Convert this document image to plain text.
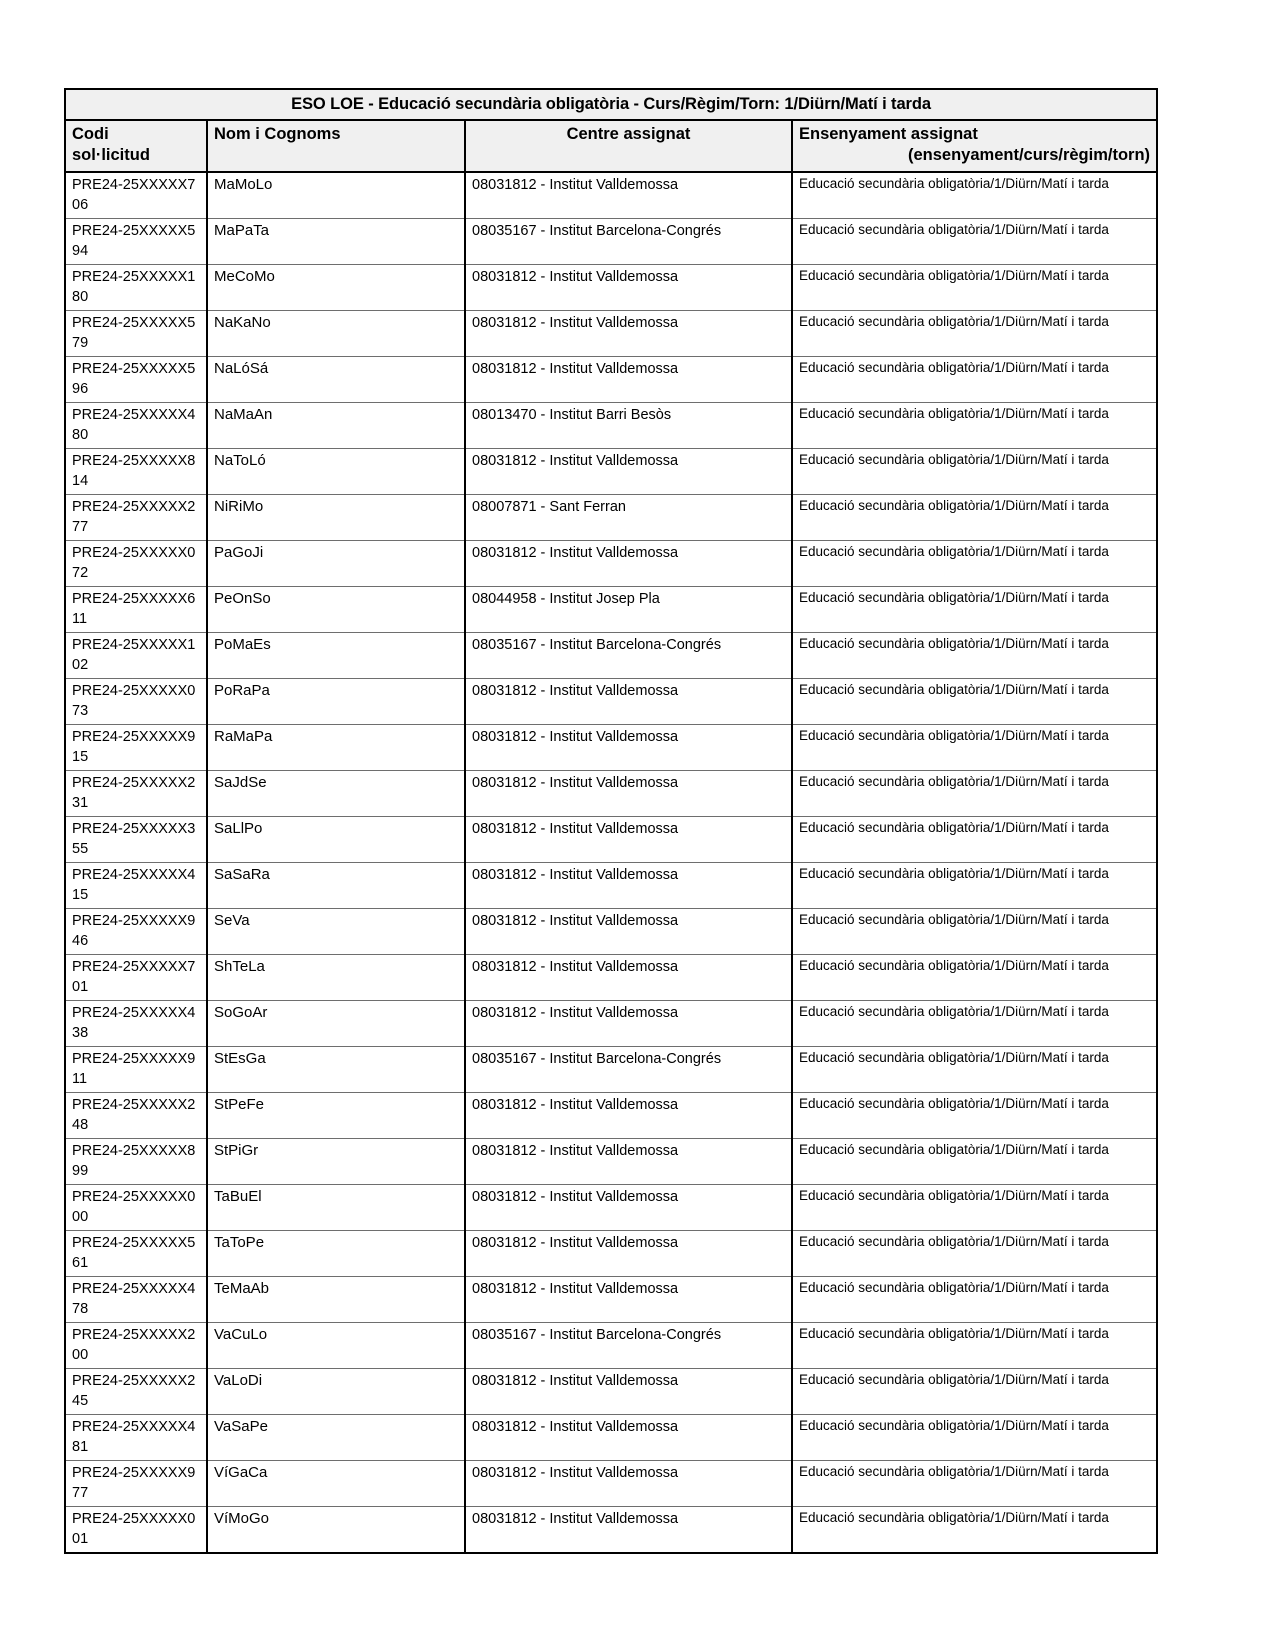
ESO LOE - Educació secundària obligatòria - Curs/Règim/Torn: 1/Diürn/Matí i tarda			
Codi
sol·licitud	Nom i Cognoms	Centre assignat	Ensenyament assignat
(ensenyament/curs/règim/torn)

PRE24-25XXXXX706	MaMoLo	08031812 - Institut Valldemossa	Educació secundària obligatòria/1/Diürn/Matí i tarda
PRE24-25XXXXX594	MaPaTa	08035167 - Institut Barcelona-Congrés	Educació secundària obligatòria/1/Diürn/Matí i tarda
PRE24-25XXXXX180	MeCoMo	08031812 - Institut Valldemossa	Educació secundària obligatòria/1/Diürn/Matí i tarda
PRE24-25XXXXX579	NaKaNo	08031812 - Institut Valldemossa	Educació secundària obligatòria/1/Diürn/Matí i tarda
PRE24-25XXXXX596	NaLóSá	08031812 - Institut Valldemossa	Educació secundària obligatòria/1/Diürn/Matí i tarda
PRE24-25XXXXX480	NaMaAn	08013470 - Institut Barri Besòs	Educació secundària obligatòria/1/Diürn/Matí i tarda
PRE24-25XXXXX814	NaToLó	08031812 - Institut Valldemossa	Educació secundària obligatòria/1/Diürn/Matí i tarda
PRE24-25XXXXX277	NiRiMo	08007871 - Sant Ferran	Educació secundària obligatòria/1/Diürn/Matí i tarda
PRE24-25XXXXX072	PaGoJi	08031812 - Institut Valldemossa	Educació secundària obligatòria/1/Diürn/Matí i tarda
PRE24-25XXXXX611	PeOnSo	08044958 - Institut Josep Pla	Educació secundària obligatòria/1/Diürn/Matí i tarda
PRE24-25XXXXX102	PoMaEs	08035167 - Institut Barcelona-Congrés	Educació secundària obligatòria/1/Diürn/Matí i tarda
PRE24-25XXXXX073	PoRaPa	08031812 - Institut Valldemossa	Educació secundària obligatòria/1/Diürn/Matí i tarda
PRE24-25XXXXX915	RaMaPa	08031812 - Institut Valldemossa	Educació secundària obligatòria/1/Diürn/Matí i tarda
PRE24-25XXXXX231	SaJdSe	08031812 - Institut Valldemossa	Educació secundària obligatòria/1/Diürn/Matí i tarda
PRE24-25XXXXX355	SaLlPo	08031812 - Institut Valldemossa	Educació secundària obligatòria/1/Diürn/Matí i tarda
PRE24-25XXXXX415	SaSaRa	08031812 - Institut Valldemossa	Educació secundària obligatòria/1/Diürn/Matí i tarda
PRE24-25XXXXX946	SeVa	08031812 - Institut Valldemossa	Educació secundària obligatòria/1/Diürn/Matí i tarda
PRE24-25XXXXX701	ShTeLa	08031812 - Institut Valldemossa	Educació secundària obligatòria/1/Diürn/Matí i tarda
PRE24-25XXXXX438	SoGoAr	08031812 - Institut Valldemossa	Educació secundària obligatòria/1/Diürn/Matí i tarda
PRE24-25XXXXX911	StEsGa	08035167 - Institut Barcelona-Congrés	Educació secundària obligatòria/1/Diürn/Matí i tarda
PRE24-25XXXXX248	StPeFe	08031812 - Institut Valldemossa	Educació secundària obligatòria/1/Diürn/Matí i tarda
PRE24-25XXXXX899	StPiGr	08031812 - Institut Valldemossa	Educació secundària obligatòria/1/Diürn/Matí i tarda
PRE24-25XXXXX000	TaBuEl	08031812 - Institut Valldemossa	Educació secundària obligatòria/1/Diürn/Matí i tarda
PRE24-25XXXXX561	TaToPe	08031812 - Institut Valldemossa	Educació secundària obligatòria/1/Diürn/Matí i tarda
PRE24-25XXXXX478	TeMaAb	08031812 - Institut Valldemossa	Educació secundària obligatòria/1/Diürn/Matí i tarda
PRE24-25XXXXX200	VaCuLo	08035167 - Institut Barcelona-Congrés	Educació secundària obligatòria/1/Diürn/Matí i tarda
PRE24-25XXXXX245	VaLoDi	08031812 - Institut Valldemossa	Educació secundària obligatòria/1/Diürn/Matí i tarda
PRE24-25XXXXX481	VaSaPe	08031812 - Institut Valldemossa	Educació secundària obligatòria/1/Diürn/Matí i tarda
PRE24-25XXXXX977	VíGaCa	08031812 - Institut Valldemossa	Educació secundària obligatòria/1/Diürn/Matí i tarda
PRE24-25XXXXX001	VíMoGo	08031812 - Institut Valldemossa	Educació secundària obligatòria/1/Diürn/Matí i tarda
